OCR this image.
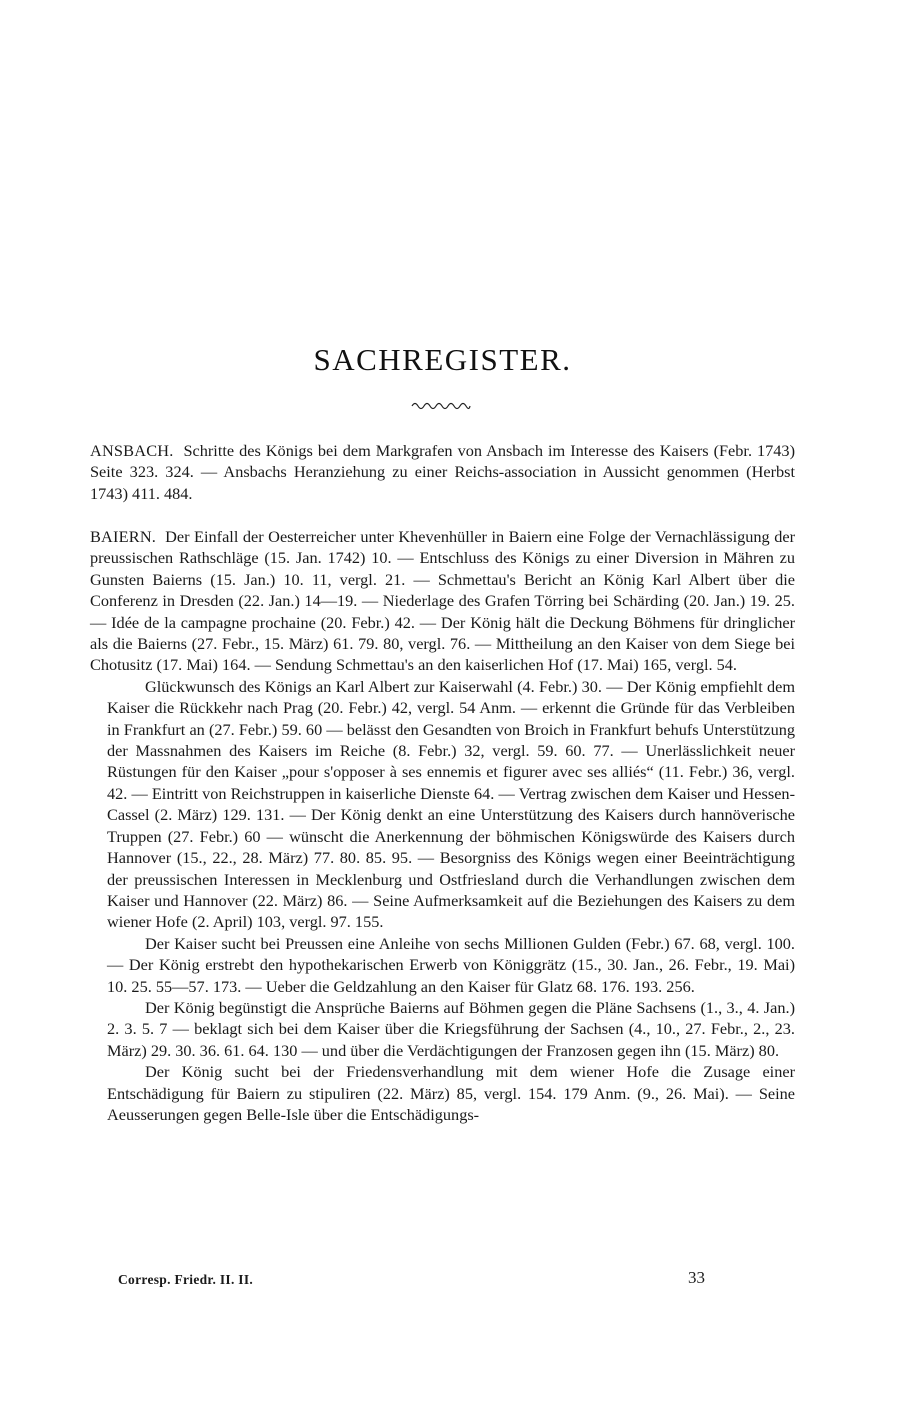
SACHREGISTER.

ANSBACH. Schritte des Königs bei dem Markgrafen von Ansbach im Interesse des Kaisers (Febr. 1743) Seite 323. 324. — Ansbachs Heranziehung zu einer Reichs-association in Aussicht genommen (Herbst 1743) 411. 484.

BAIERN. Der Einfall der Oesterreicher unter Khevenhüller in Baiern eine Folge der Vernachlässigung der preussischen Rathschläge (15. Jan. 1742) 10. — Entschluss des Königs zu einer Diversion in Mähren zu Gunsten Baierns (15. Jan.) 10. 11, vergl. 21. — Schmettau's Bericht an König Karl Albert über die Conferenz in Dresden (22. Jan.) 14—19. — Niederlage des Grafen Törring bei Schärding (20. Jan.) 19. 25. — Idée de la campagne prochaine (20. Febr.) 42. — Der König hält die Deckung Böhmens für dringlicher als die Baierns (27. Febr., 15. März) 61. 79. 80, vergl. 76. — Mittheilung an den Kaiser von dem Siege bei Chotusitz (17. Mai) 164. — Sendung Schmettau's an den kaiserlichen Hof (17. Mai) 165, vergl. 54.

Glückwunsch des Königs an Karl Albert zur Kaiserwahl (4. Febr.) 30. — Der König empfiehlt dem Kaiser die Rückkehr nach Prag (20. Febr.) 42, vergl. 54 Anm. — erkennt die Gründe für das Verbleiben in Frankfurt an (27. Febr.) 59. 60 — belässt den Gesandten von Broich in Frankfurt behufs Unterstützung der Massnahmen des Kaisers im Reiche (8. Febr.) 32, vergl. 59. 60. 77. — Unerlässlichkeit neuer Rüstungen für den Kaiser „pour s'opposer à ses ennemis et figurer avec ses alliés“ (11. Febr.) 36, vergl. 42. — Eintritt von Reichstruppen in kaiserliche Dienste 64. — Vertrag zwischen dem Kaiser und Hessen-Cassel (2. März) 129. 131. — Der König denkt an eine Unterstützung des Kaisers durch hannöverische Truppen (27. Febr.) 60 — wünscht die Anerkennung der böhmischen Königswürde des Kaisers durch Hannover (15., 22., 28. März) 77. 80. 85. 95. — Besorgniss des Königs wegen einer Beeinträchtigung der preussischen Interessen in Mecklenburg und Ostfriesland durch die Verhandlungen zwischen dem Kaiser und Hannover (22. März) 86. — Seine Aufmerksamkeit auf die Beziehungen des Kaisers zu dem wiener Hofe (2. April) 103, vergl. 97. 155.

Der Kaiser sucht bei Preussen eine Anleihe von sechs Millionen Gulden (Febr.) 67. 68, vergl. 100. — Der König erstrebt den hypothekarischen Erwerb von Königgrätz (15., 30. Jan., 26. Febr., 19. Mai) 10. 25. 55—57. 173. — Ueber die Geldzahlung an den Kaiser für Glatz 68. 176. 193. 256.

Der König begünstigt die Ansprüche Baierns auf Böhmen gegen die Pläne Sachsens (1., 3., 4. Jan.) 2. 3. 5. 7 — beklagt sich bei dem Kaiser über die Kriegsführung der Sachsen (4., 10., 27. Febr., 2., 23. März) 29. 30. 36. 61. 64. 130 — und über die Verdächtigungen der Franzosen gegen ihn (15. März) 80.

Der König sucht bei der Friedensverhandlung mit dem wiener Hofe die Zusage einer Entschädigung für Baiern zu stipuliren (22. März) 85, vergl. 154. 179 Anm. (9., 26. Mai). — Seine Aeusserungen gegen Belle-Isle über die Entschädigungs-

Corresp. Friedr. II. II.	33
